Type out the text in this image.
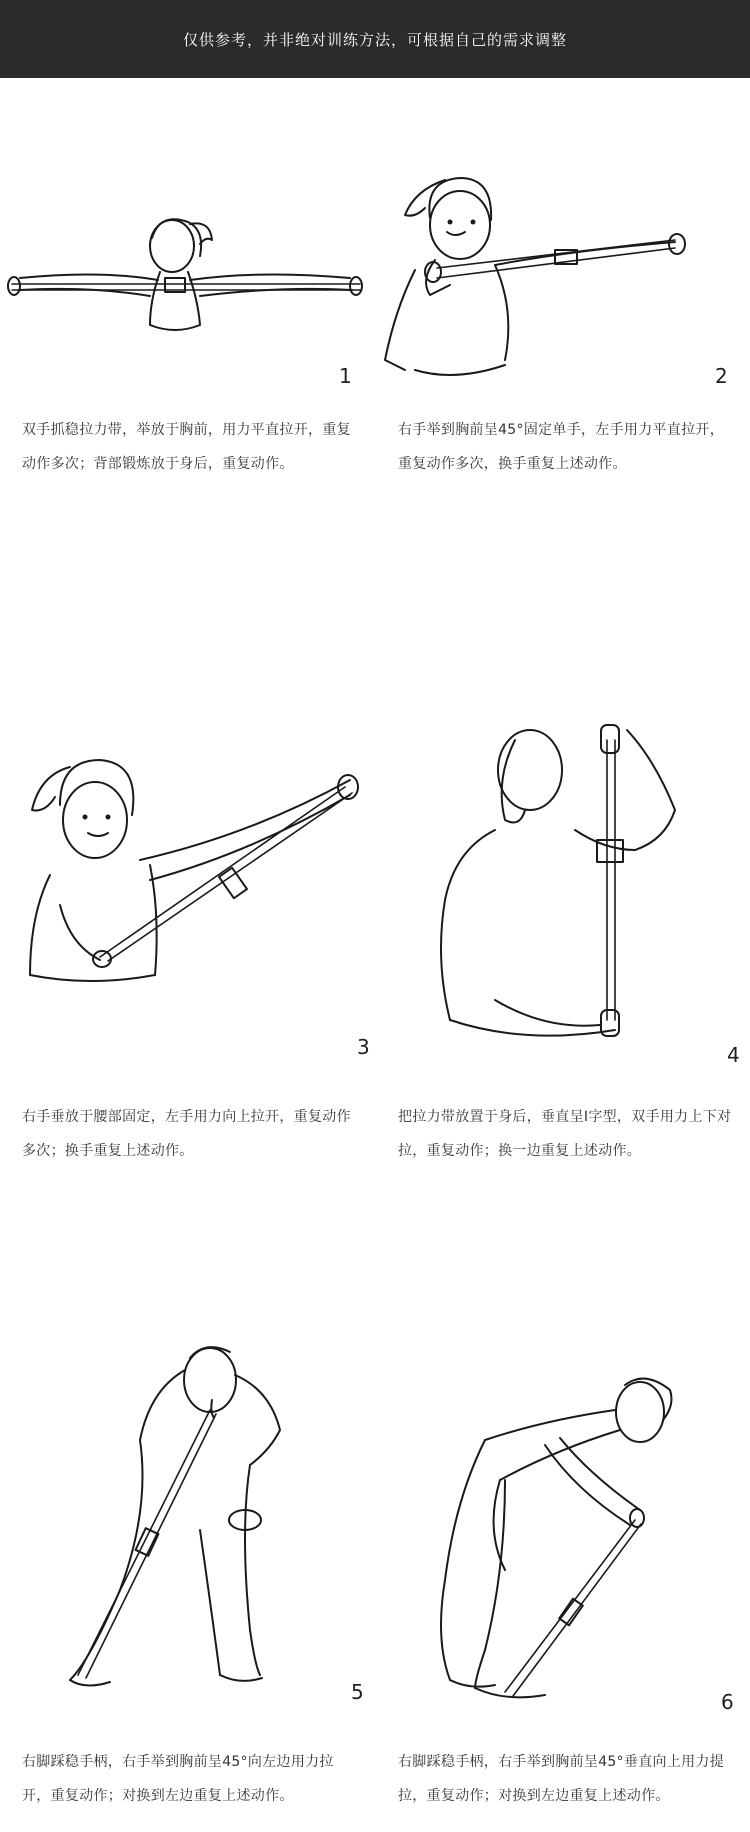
仅供参考，并非绝对训练方法，可根据自己的需求调整
1
双手抓稳拉力带，举放于胸前，用力平直拉开，重复动作多次；背部锻炼放于身后，重复动作。
2
右手举到胸前呈45°固定单手，左手用力平直拉开，重复动作多次，换手重复上述动作。
3
右手垂放于腰部固定，左手用力向上拉开，重复动作多次；换手重复上述动作。
4
把拉力带放置于身后，垂直呈I字型，双手用力上下对拉，重复动作；换一边重复上述动作。
5
右脚踩稳手柄，右手举到胸前呈45°向左边用力拉开，重复动作；对换到左边重复上述动作。
6
右脚踩稳手柄，右手举到胸前呈45°垂直向上用力提拉，重复动作；对换到左边重复上述动作。
